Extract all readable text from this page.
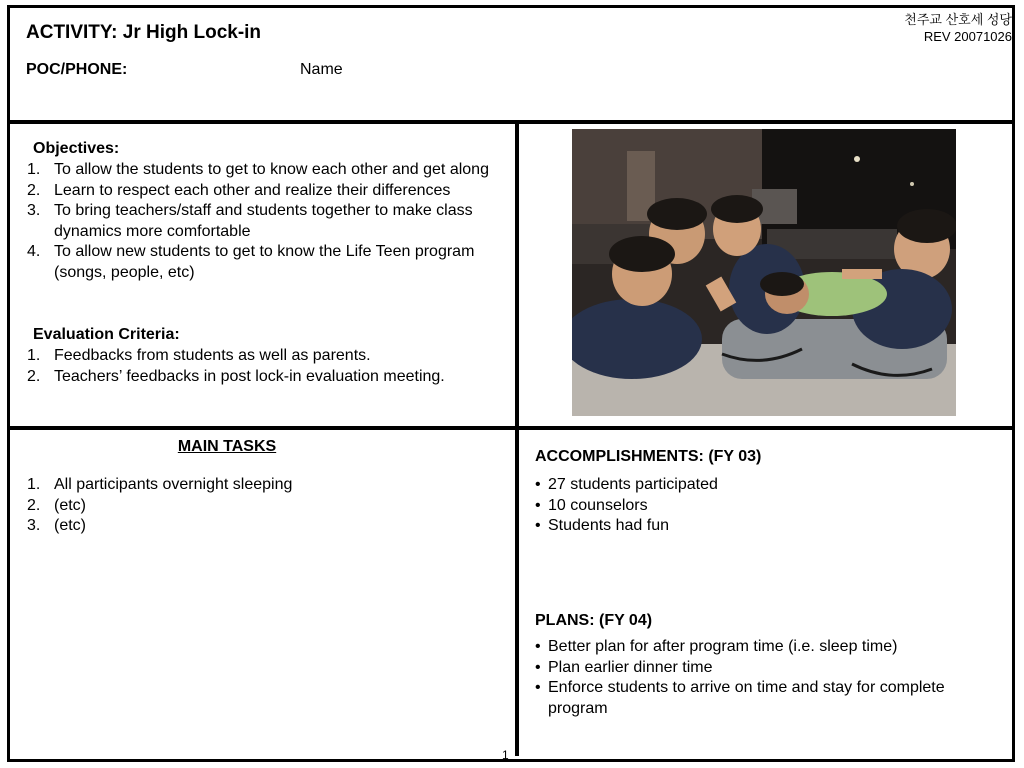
ACTIVITY: Jr High Lock-in
POC/PHONE:	Name
천주교 산호세 성당
REV 20071026
Objectives:
1. To allow the students to get to know each other and get along
2. Learn to respect each other and realize their differences
3. To bring teachers/staff and students together to make class dynamics more comfortable
4. To allow new students to get to know the Life Teen program (songs, people, etc)
Evaluation Criteria:
1. Feedbacks from students as well as parents.
2. Teachers’ feedbacks in post lock-in evaluation meeting.
MAIN TASKS
1. All participants overnight sleeping
2. (etc)
3. (etc)
ACCOMPLISHMENTS: (FY 03)
• 27 students participated
• 10 counselors
• Students had fun
PLANS: (FY 04)
• Better plan for after program time (i.e. sleep time)
• Plan earlier dinner time
• Enforce students to arrive on time and stay for complete program
1
